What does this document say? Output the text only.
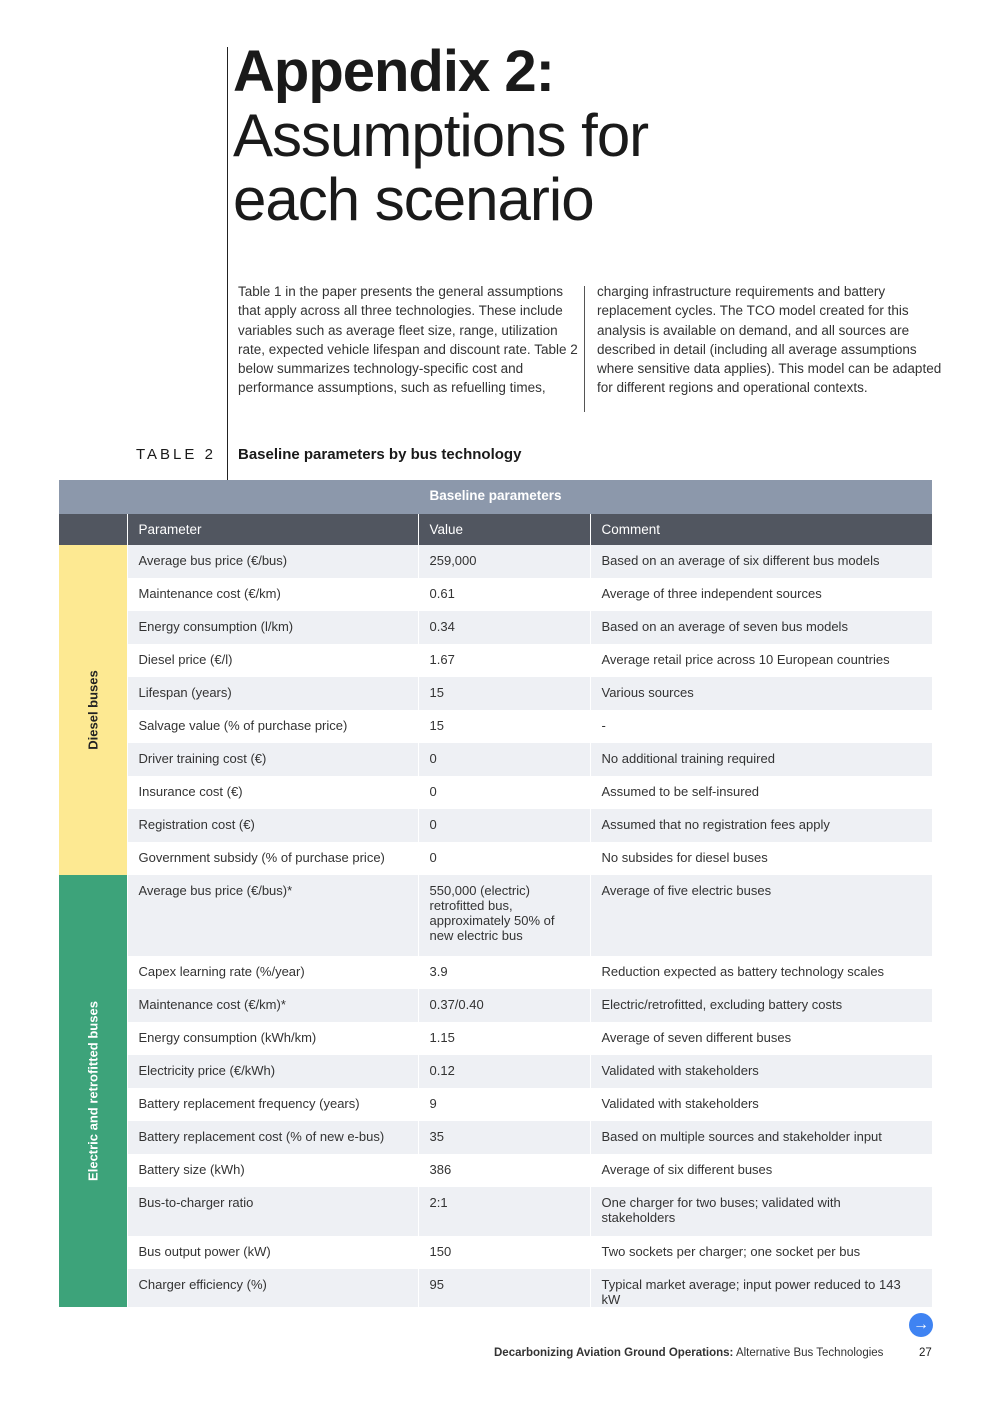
Appendix 2:
Assumptions for
each scenario

Table 1 in the paper presents the general assumptions that apply across all three technologies. These include variables such as average fleet size, range, utilization rate, expected vehicle lifespan and discount rate. Table 2 below summarizes technology-specific cost and performance assumptions, such as refuelling times,

charging infrastructure requirements and battery replacement cycles. The TCO model created for this analysis is available on demand, and all sources are described in detail (including all average assumptions where sensitive data applies). This model can be adapted for different regions and operational contexts.

TABLE 2 Baseline parameters by bus technology
Baseline parameters			
	Parameter	Value	Comment

Diesel buses	Average bus price (€/bus)	259,000	Based on an average of six different bus models
	Maintenance cost (€/km)	0.61	Average of three independent sources
	Energy consumption (l/km)	0.34	Based on an average of seven bus models
	Diesel price (€/l)	1.67	Average retail price across 10 European countries
	Lifespan (years)	15	Various sources
	Salvage value (% of purchase price)	15	-
	Driver training cost (€)	0	No additional training required
	Insurance cost (€)	0	Assumed to be self-insured
	Registration cost (€)	0	Assumed that no registration fees apply
	Government subsidy (% of purchase price)	0	No subsides for diesel buses

Electric and retrofitted buses	Average bus price (€/bus)*	550,000 (electric) retrofitted bus, approximately 50% of new electric bus	Average of five electric buses
	Capex learning rate (%/year)	3.9	Reduction expected as battery technology scales
	Maintenance cost (€/km)*	0.37/0.40	Electric/retrofitted, excluding battery costs
	Energy consumption (kWh/km)	1.15	Average of seven different buses
	Electricity price (€/kWh)	0.12	Validated with stakeholders
	Battery replacement frequency (years)	9	Validated with stakeholders
	Battery replacement cost (% of new e-bus)	35	Based on multiple sources and stakeholder input
	Battery size (kWh)	386	Average of six different buses
	Bus-to-charger ratio	2:1	One charger for two buses; validated with stakeholders
	Bus output power (kW)	150	Two sockets per charger; one socket per bus
	Charger efficiency (%)	95	Typical market average; input power reduced to 143 kW
→
Decarbonizing Aviation Ground Operations: Alternative Bus Technologies	27
